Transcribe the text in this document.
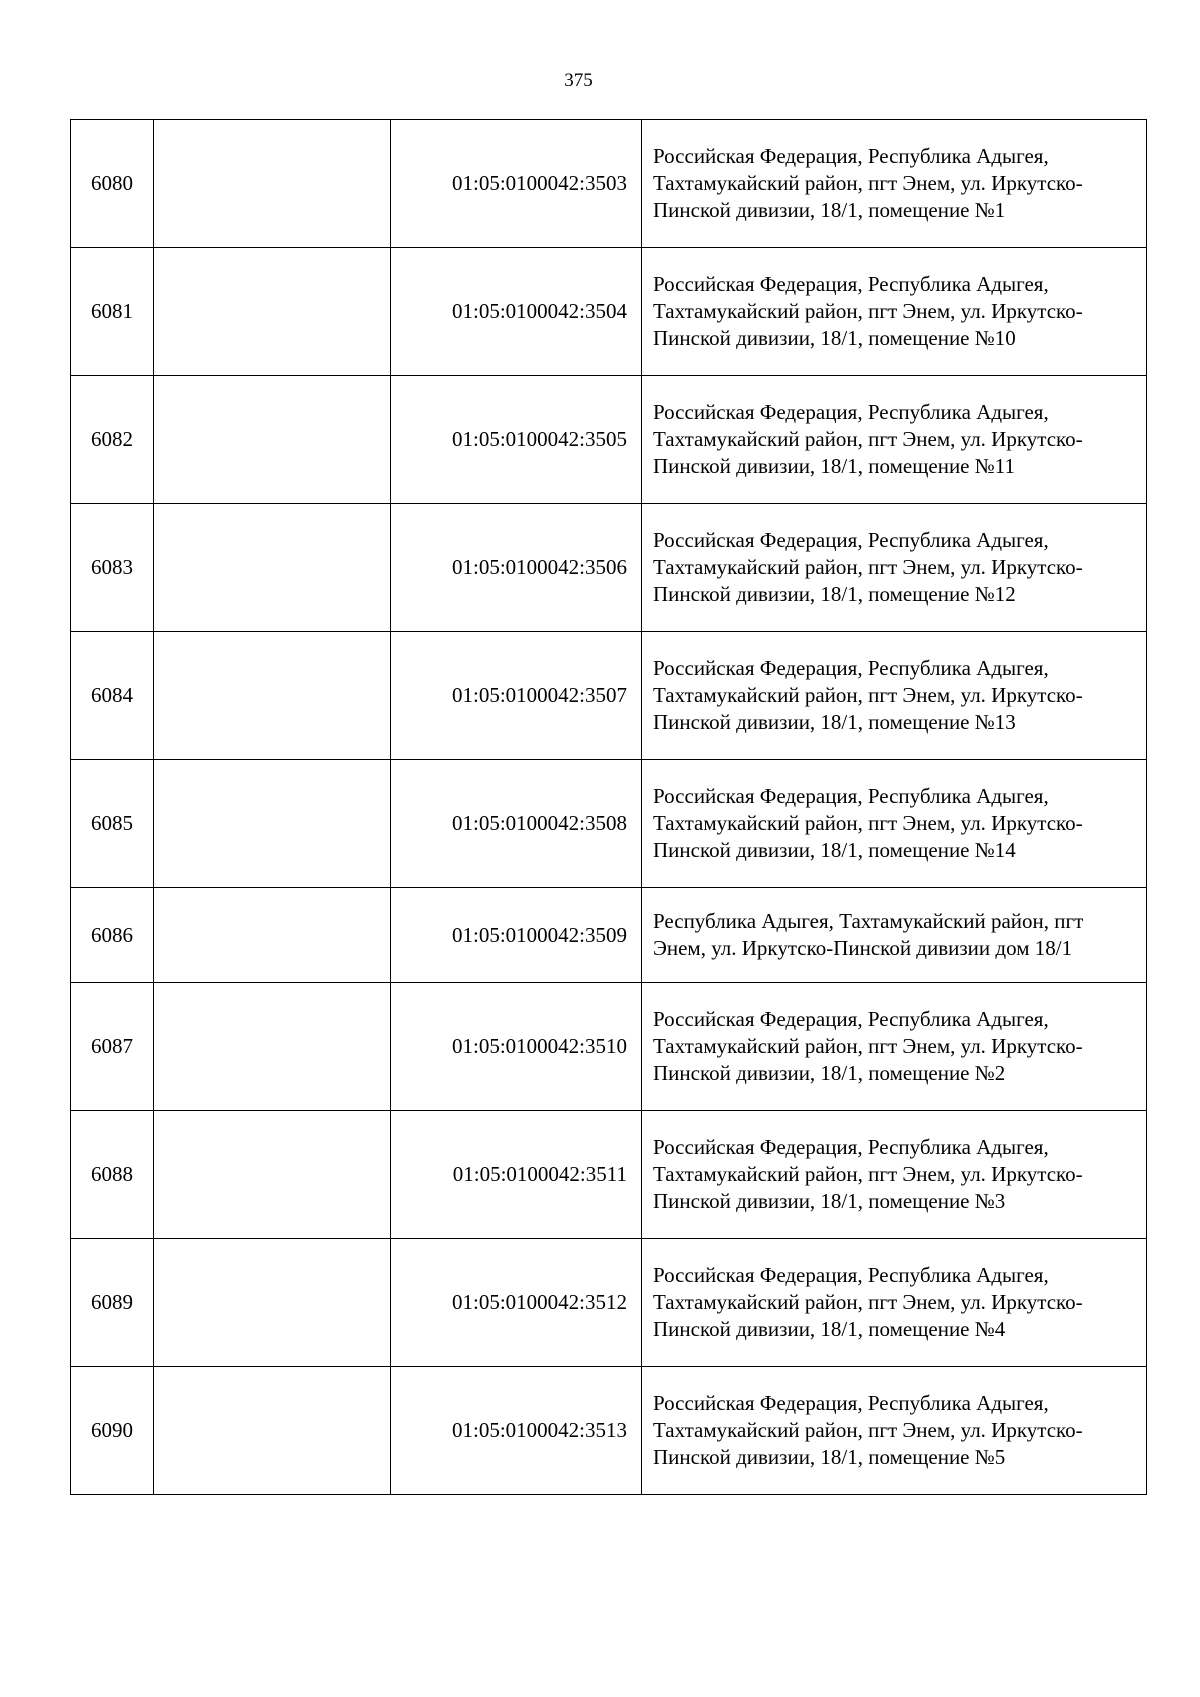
375
6080		01:05:0100042:3503	Российская Федерация, Республика Адыгея, Тахтамукайский район, пгт Энем, ул. Иркутско-Пинской дивизии, 18/1, помещение №1
6081		01:05:0100042:3504	Российская Федерация, Республика Адыгея, Тахтамукайский район, пгт Энем, ул. Иркутско-Пинской дивизии, 18/1, помещение №10
6082		01:05:0100042:3505	Российская Федерация, Республика Адыгея, Тахтамукайский район, пгт Энем, ул. Иркутско-Пинской дивизии, 18/1, помещение №11
6083		01:05:0100042:3506	Российская Федерация, Республика Адыгея, Тахтамукайский район, пгт Энем, ул. Иркутско-Пинской дивизии, 18/1, помещение №12
6084		01:05:0100042:3507	Российская Федерация, Республика Адыгея, Тахтамукайский район, пгт Энем, ул. Иркутско-Пинской дивизии, 18/1, помещение №13
6085		01:05:0100042:3508	Российская Федерация, Республика Адыгея, Тахтамукайский район, пгт Энем, ул. Иркутско-Пинской дивизии, 18/1, помещение №14
6086		01:05:0100042:3509	Республика Адыгея, Тахтамукайский район, пгт Энем, ул. Иркутско-Пинской дивизии дом 18/1
6087		01:05:0100042:3510	Российская Федерация, Республика Адыгея, Тахтамукайский район, пгт Энем, ул. Иркутско-Пинской дивизии, 18/1, помещение №2
6088		01:05:0100042:3511	Российская Федерация, Республика Адыгея, Тахтамукайский район, пгт Энем, ул. Иркутско-Пинской дивизии, 18/1, помещение №3
6089		01:05:0100042:3512	Российская Федерация, Республика Адыгея, Тахтамукайский район, пгт Энем, ул. Иркутско-Пинской дивизии, 18/1, помещение №4
6090		01:05:0100042:3513	Российская Федерация, Республика Адыгея, Тахтамукайский район, пгт Энем, ул. Иркутско-Пинской дивизии, 18/1, помещение №5
